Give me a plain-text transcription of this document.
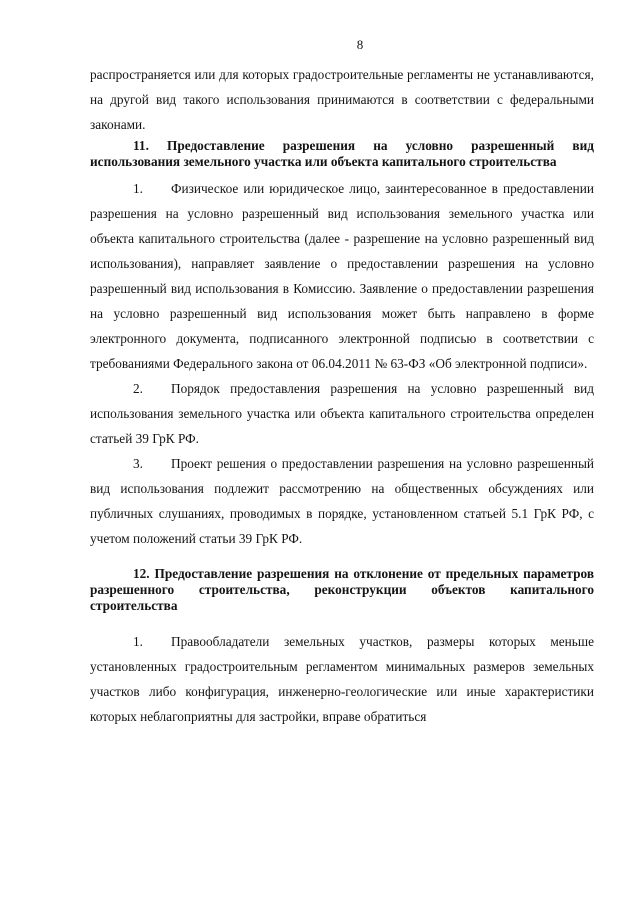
8

распространяется или для которых градостроительные регламенты не устанавливаются, на другой вид такого использования принимаются в соответствии с федеральными законами.

11. Предоставление разрешения на условно разрешенный вид использования земельного участка или объекта капитального строительства

1. Физическое или юридическое лицо, заинтересованное в предоставлении разрешения на условно разрешенный вид использования земельного участка или объекта капитального строительства (далее - разрешение на условно разрешенный вид использования), направляет заявление о предоставлении разрешения на условно разрешенный вид использования в Комиссию. Заявление о предоставлении разрешения на условно разрешенный вид использования может быть направлено в форме электронного документа, подписанного электронной подписью в соответствии с требованиями Федерального закона от 06.04.2011 № 63-ФЗ «Об электронной подписи».

2. Порядок предоставления разрешения на условно разрешенный вид использования земельного участка или объекта капитального строительства определен статьей 39 ГрК РФ.

3. Проект решения о предоставлении разрешения на условно разрешенный вид использования подлежит рассмотрению на общественных обсуждениях или публичных слушаниях, проводимых в порядке, установленном статьей 5.1 ГрК РФ, с учетом положений статьи 39 ГрК РФ.

12. Предоставление разрешения на отклонение от предельных параметров разрешенного строительства, реконструкции объектов капитального строительства

1. Правообладатели земельных участков, размеры которых меньше установленных градостроительным регламентом минимальных размеров земельных участков либо конфигурация, инженерно-геологические или иные характеристики которых неблагоприятны для застройки, вправе обратиться
